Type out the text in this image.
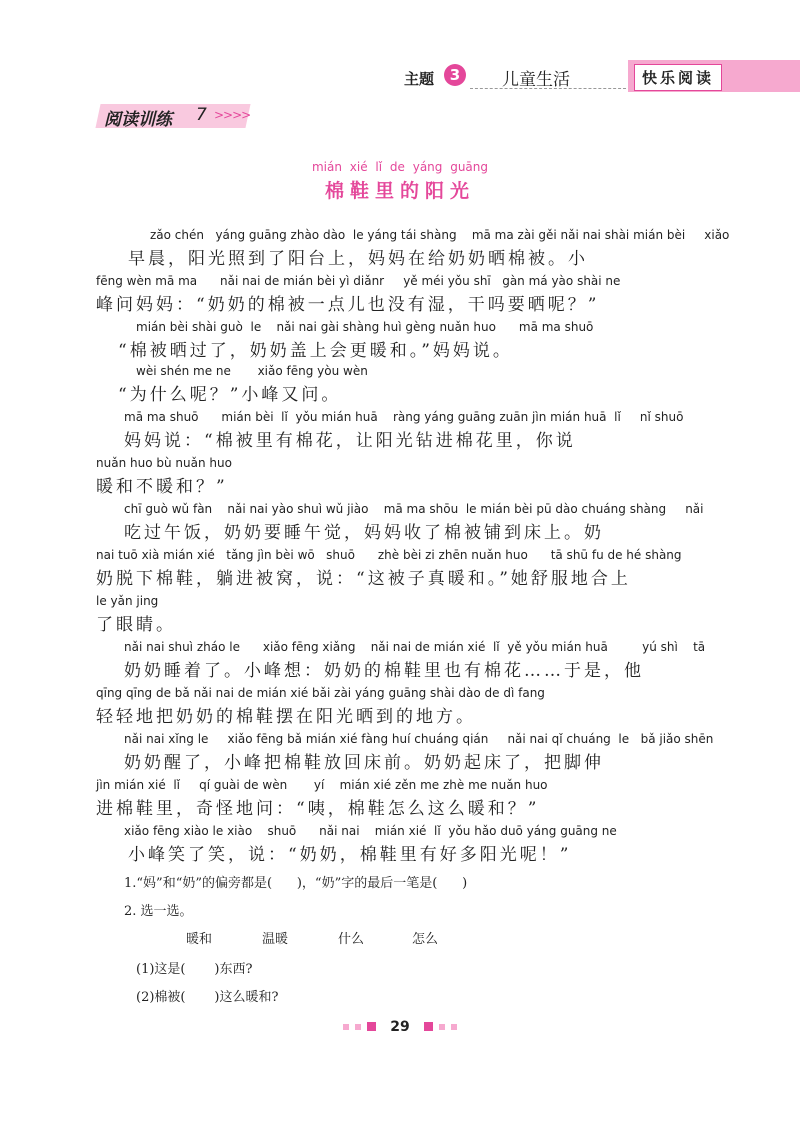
主题	3	儿童生活	快乐阅读
阅读训练 7 >>>>
mián xié lǐ de yáng guāng
棉鞋里的阳光
zǎo chén   yáng guāng zhào dào  le yáng tái shàng    mā ma zài gěi nǎi nai shài mián bèi     xiǎo
早晨，阳光照到了阳台上，妈妈在给奶奶晒棉被。小
fēng wèn mā ma      nǎi nai de mián bèi yì diǎnr     yě méi yǒu shī   gàn má yào shài ne
峰问妈妈：“奶奶的棉被一点儿也没有湿，干吗要晒呢？”
mián bèi shài guò  le    nǎi nai gài shàng huì gèng nuǎn huo      mā ma shuō
“棉被晒过了，奶奶盖上会更暖和。”妈妈说。
wèi shén me ne       xiǎo fēng yòu wèn
“为什么呢？”小峰又问。
mā ma shuō      mián bèi  lǐ  yǒu mián huā    ràng yáng guāng zuān jìn mián huā  lǐ     nǐ shuō
妈妈说：“棉被里有棉花，让阳光钻进棉花里，你说
nuǎn huo bù nuǎn huo
暖和不暖和？”
chī guò wǔ fàn    nǎi nai yào shuì wǔ jiào    mā ma shōu  le mián bèi pū dào chuáng shàng     nǎi
吃过午饭，奶奶要睡午觉，妈妈收了棉被铺到床上。奶
nai tuō xià mián xié   tǎng jìn bèi wō   shuō      zhè bèi zi zhēn nuǎn huo      tā shū fu de hé shàng
奶脱下棉鞋，躺进被窝，说：“这被子真暖和。”她舒服地合上
le yǎn jing
了眼睛。
nǎi nai shuì zháo le      xiǎo fēng xiǎng    nǎi nai de mián xié  lǐ  yě yǒu mián huā         yú shì    tā
奶奶睡着了。小峰想：奶奶的棉鞋里也有棉花……于是，他
qīng qīng de bǎ nǎi nai de mián xié bǎi zài yáng guāng shài dào de dì fang
轻轻地把奶奶的棉鞋摆在阳光晒到的地方。
nǎi nai xǐng le     xiǎo fēng bǎ mián xié fàng huí chuáng qián     nǎi nai qǐ chuáng  le   bǎ jiǎo shēn
奶奶醒了，小峰把棉鞋放回床前。奶奶起床了，把脚伸
jìn mián xié  lǐ     qí guài de wèn       yí    mián xié zěn me zhè me nuǎn huo
进棉鞋里，奇怪地问：“咦，棉鞋怎么这么暖和？”
xiǎo fēng xiào le xiào    shuō      nǎi nai    mián xié  lǐ  yǒu hǎo duō yáng guāng ne
小峰笑了笑，说：“奶奶，棉鞋里有好多阳光呢！”
1.“妈”和“奶”的偏旁都是(      )，“奶”字的最后一笔是(      )
2. 选一选。
暖和	温暖	什么	怎么
(1)这是(       )东西?
(2)棉被(       )这么暖和?
29
